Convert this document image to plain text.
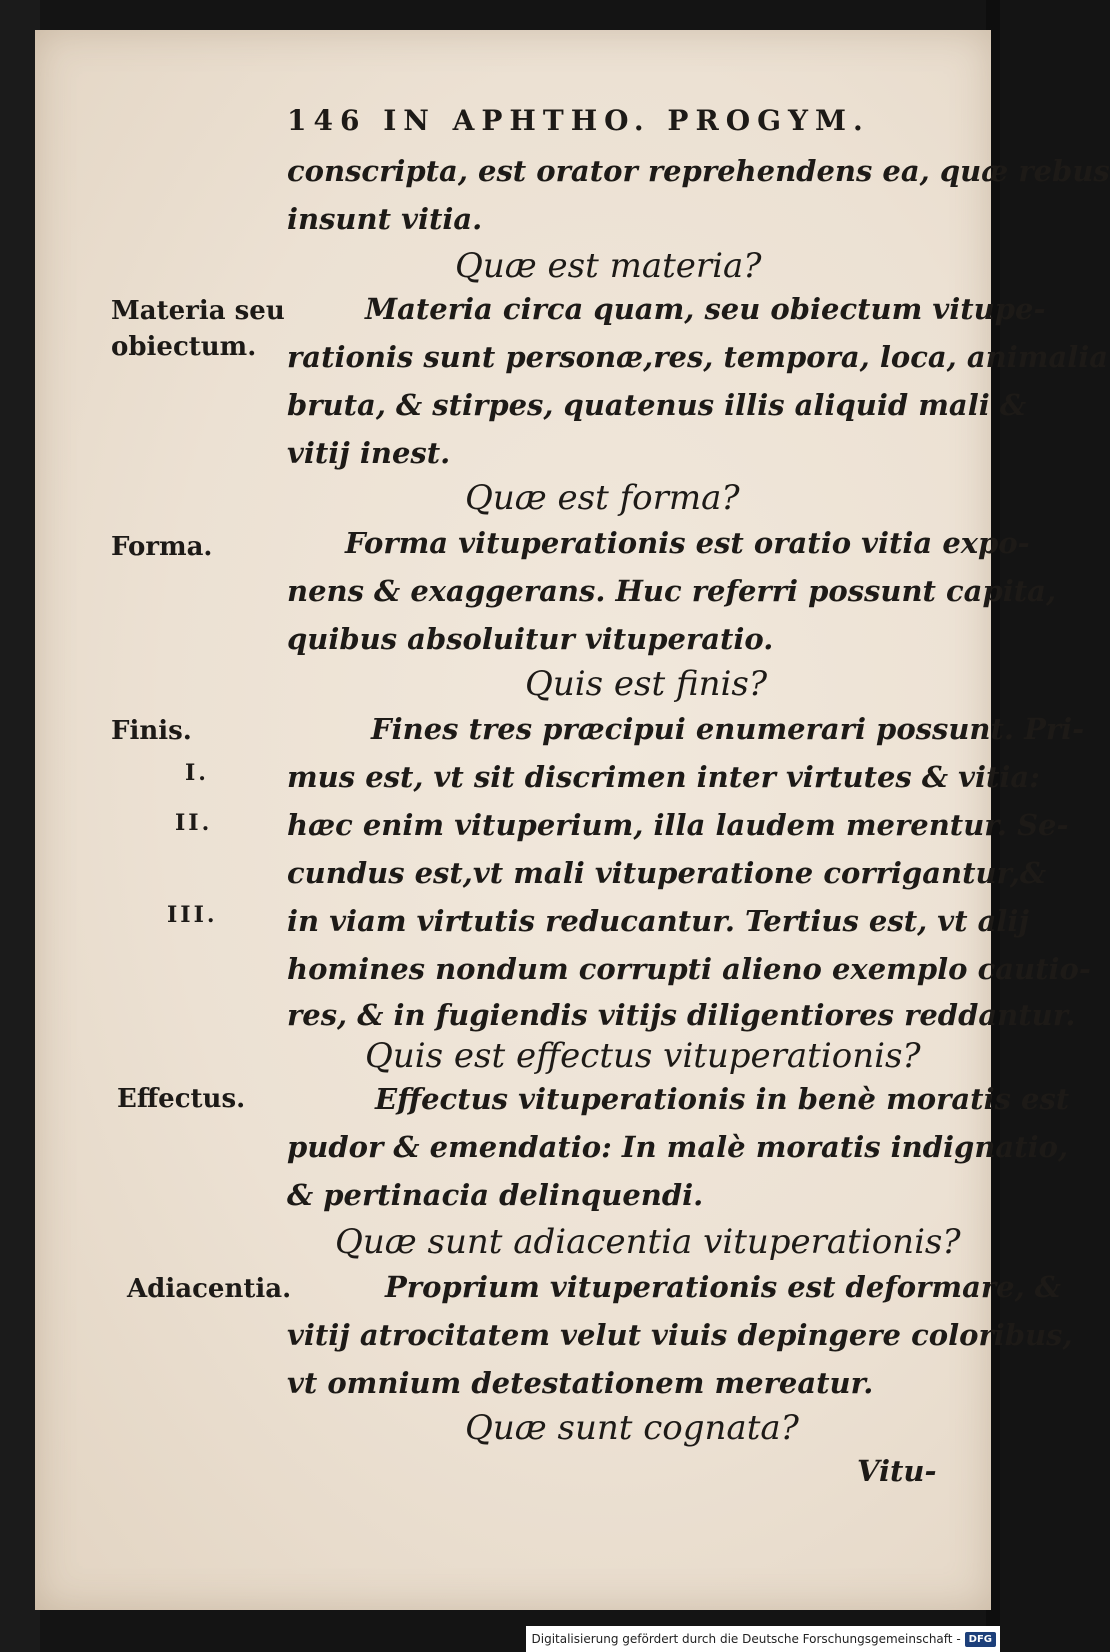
146 IN APHTHO. PROGYM.
conscripta, est orator reprehendens ea, quæ rebus
insunt vitia.
Quæ est materia?
Materia seu
obiectum.
Materia circa quam, seu obiectum vitupe-
rationis sunt personæ,res, tempora, loca, animalia
bruta, & stirpes, quatenus illis aliquid mali &
vitij inest.
Quæ est forma?
Forma.	Forma vituperationis est oratio vitia expo-
nens & exaggerans. Huc referri possunt capita,
quibus absoluitur vituperatio.
Quis est finis?
Finis.	Fines tres præcipui enumerari possunt. Pri-
I.	mus est, vt sit discrimen inter virtutes & vitia:
II.	hæc enim vituperium, illa laudem merentur. Se-
cundus est,vt mali vituperatione corrigantur,&
III. in viam virtutis reducantur. Tertius est, vt alij
homines nondum corrupti alieno exemplo cautio-
res, & in fugiendis vitijs diligentiores reddantur.
Quis est effectus vituperationis?
Effectus.	Effectus vituperationis in benè moratis est
pudor & emendatio: In malè moratis indignatio,
& pertinacia delinquendi.
Quæ sunt adiacentia vituperationis?
Adiacentia.	Proprium vituperationis est deformare, &
vitij atrocitatem velut viuis depingere coloribus,
vt omnium detestationem mereatur.
Quæ sunt cognata?
Vitu-
Digitalisierung gefördert durch die Deutsche Forschungsgemeinschaft - DFG
